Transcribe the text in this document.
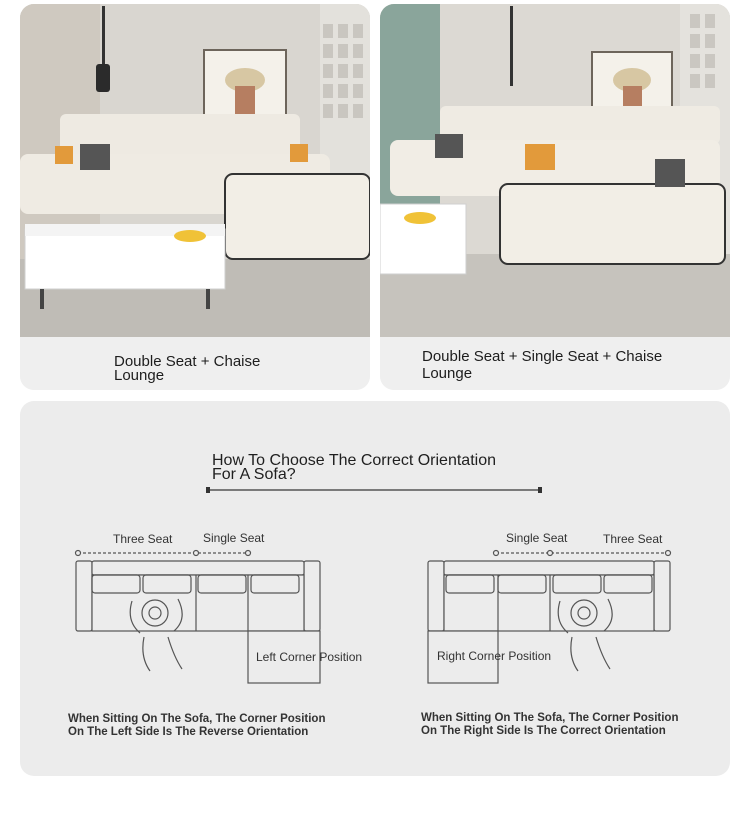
Double Seat + Chaise
Lounge
Double Seat + Single Seat + Chaise
Lounge
How To Choose The Correct Orientation
For A Sofa?
Three Seat	Single Seat
Left Corner Position
When Sitting On The Sofa, The Corner Position
On The Left Side Is The Reverse Orientation
Single Seat	Three Seat
Right Corner Position
When Sitting On The Sofa, The Corner Position
On The Right Side Is The Correct Orientation
